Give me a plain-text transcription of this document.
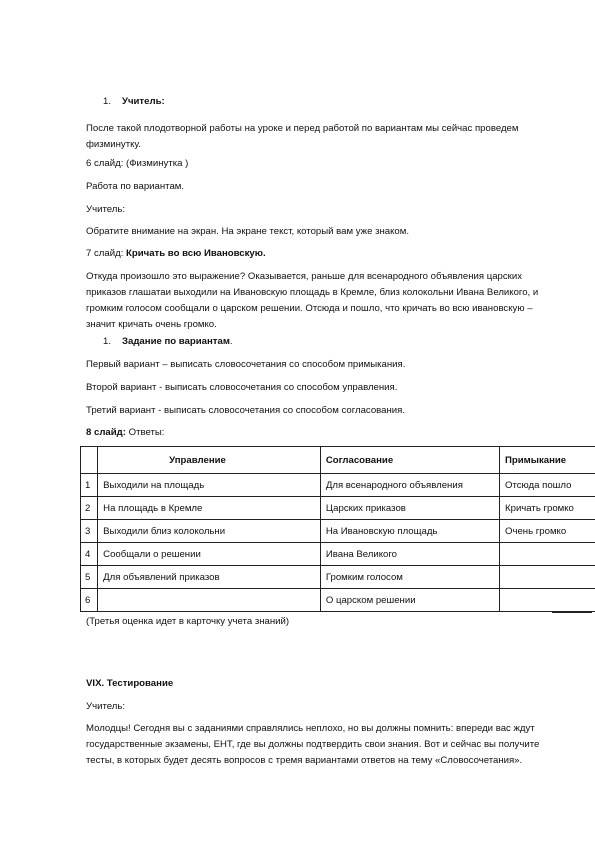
1. Учитель:

После такой плодотворной работы на уроке и перед работой по вариантам мы сейчас проведем физминутку.

6 слайд: (Физминутка )

Работа по вариантам.

Учитель:

Обратите внимание на экран. На экране текст, который вам уже знаком.

7 слайд: Кричать во всю Ивановскую.

Откуда произошло это выражение? Оказывается, раньше для всенародного объявления царских приказов глашатаи выходили на Ивановскую площадь в Кремле, близ колокольни Ивана Великого, и громким голосом сообщали о царском решении. Отсюда и пошло, что кричать во всю ивановскую – значит кричать очень громко.

1. Задание по вариантам.

Первый вариант – выписать словосочетания со способом примыкания.

Второй вариант - выписать словосочетания со способом управления.

Третий вариант - выписать словосочетания со способом согласования.

8 слайд: Ответы:

	Управление	Согласование	Примыкание
1	Выходили на площадь	Для всенародного объявления	Отсюда пошло
2	На площадь в Кремле	Царских приказов	Кричать громко
3	Выходили близ колокольни	На Ивановскую площадь	Очень громко
4	Сообщали о решении	Ивана Великого	
5	Для объявлений приказов	Громким голосом	
6		О царском решении	

(Третья оценка идет в карточку учета знаний)

VIX. Тестирование

Учитель:

Молодцы! Сегодня вы с заданиями справлялись неплохо, но вы должны помнить: впереди вас ждут государственные экзамены, ЕНТ, где вы должны подтвердить свои знания. Вот и сейчас вы получите тесты, в которых будет десять вопросов с тремя вариантами ответов на тему «Словосочетания».
